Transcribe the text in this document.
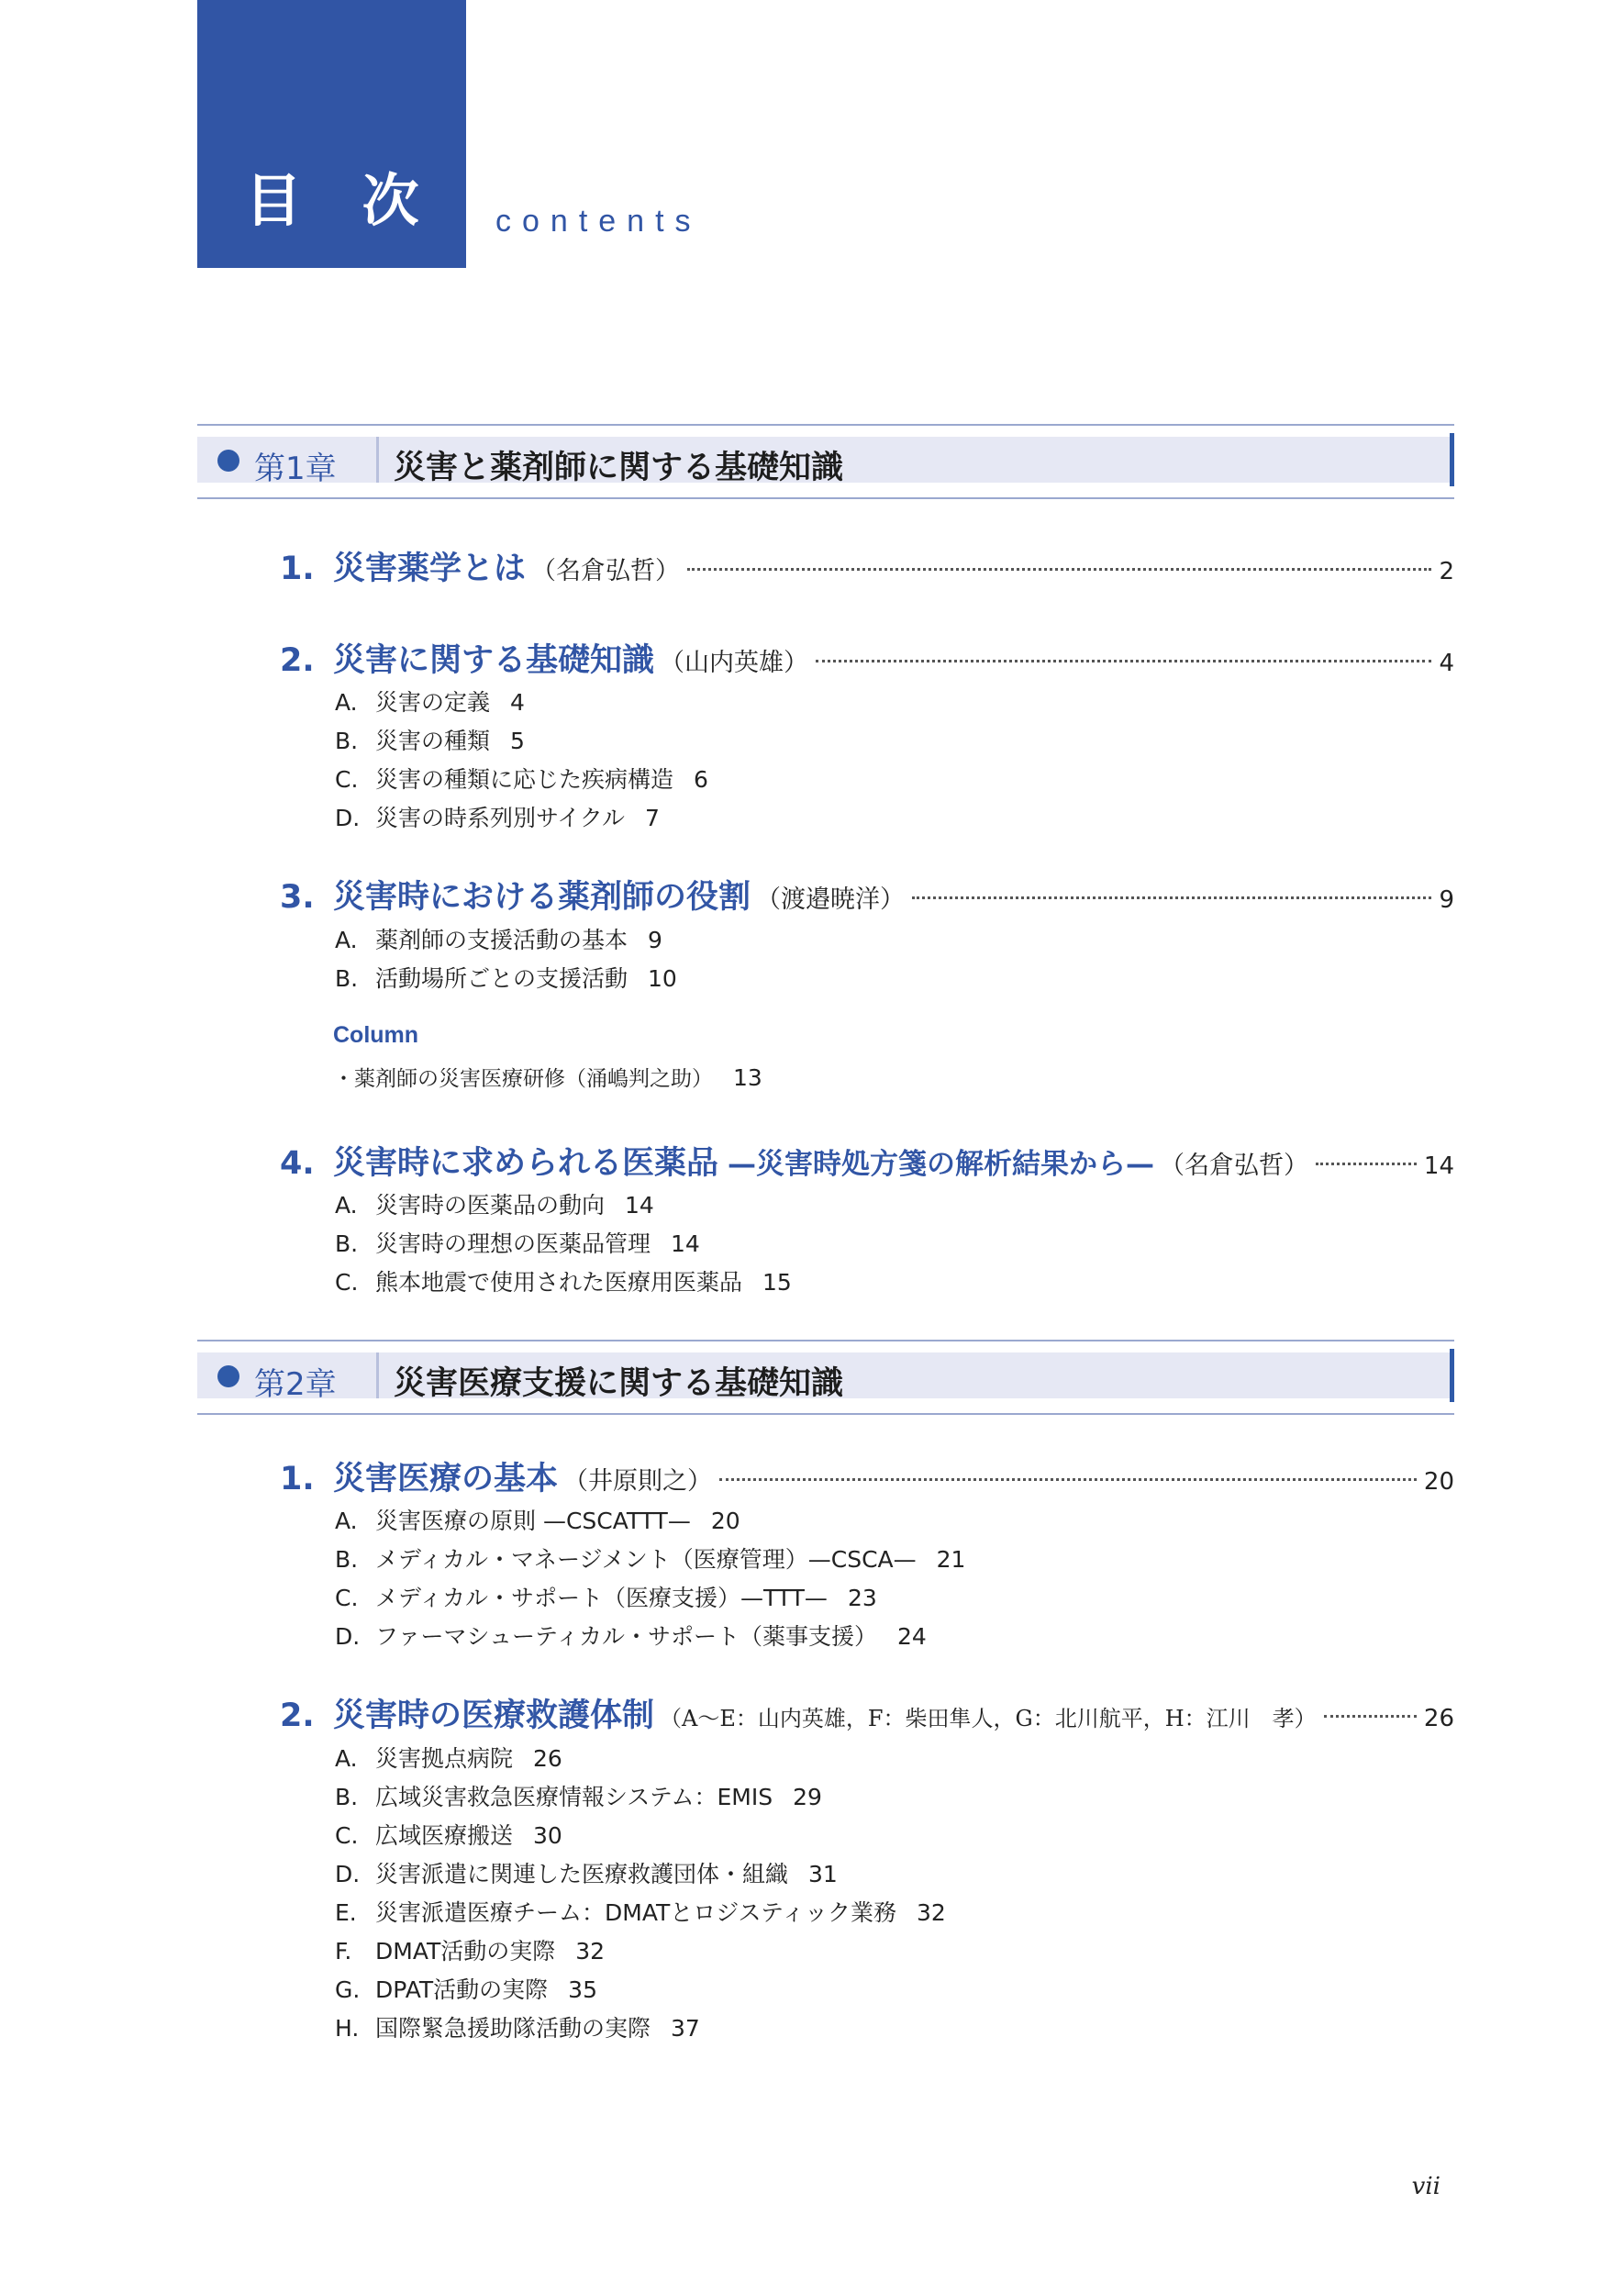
目 次 contents
第1章 災害と薬剤師に関する基礎知識
1. 災害薬学とは （名倉弘哲）	2
2. 災害に関する基礎知識 （山内英雄）	4
A. 災害の定義 4
B. 災害の種類 5
C. 災害の種類に応じた疾病構造 6
D. 災害の時系列別サイクル 7
3. 災害時における薬剤師の役割 （渡邉暁洋）	9
A. 薬剤師の支援活動の基本 9
B. 活動場所ごとの支援活動 10
Column
・薬剤師の災害医療研修（涌嶋判之助） 13
4. 災害時に求められる医薬品 —災害時処方箋の解析結果から— （名倉弘哲）	14
A. 災害時の医薬品の動向 14
B. 災害時の理想の医薬品管理 14
C. 熊本地震で使用された医療用医薬品 15
第2章 災害医療支援に関する基礎知識
1. 災害医療の基本 （井原則之）	20
A. 災害医療の原則 —CSCATTT— 20
B. メディカル・マネージメント（医療管理）—CSCA— 21
C. メディカル・サポート（医療支援）—TTT— 23
D. ファーマシューティカル・サポート（薬事支援） 24
2. 災害時の医療救護体制 （A～E：山内英雄，F：柴田隼人，G：北川航平，H：江川　孝）	26
A. 災害拠点病院 26
B. 広域災害救急医療情報システム：EMIS 29
C. 広域医療搬送 30
D. 災害派遣に関連した医療救護団体・組織 31
E. 災害派遣医療チーム：DMATとロジスティック業務 32
F. DMAT活動の実際 32
G. DPAT活動の実際 35
H. 国際緊急援助隊活動の実際 37
vii
